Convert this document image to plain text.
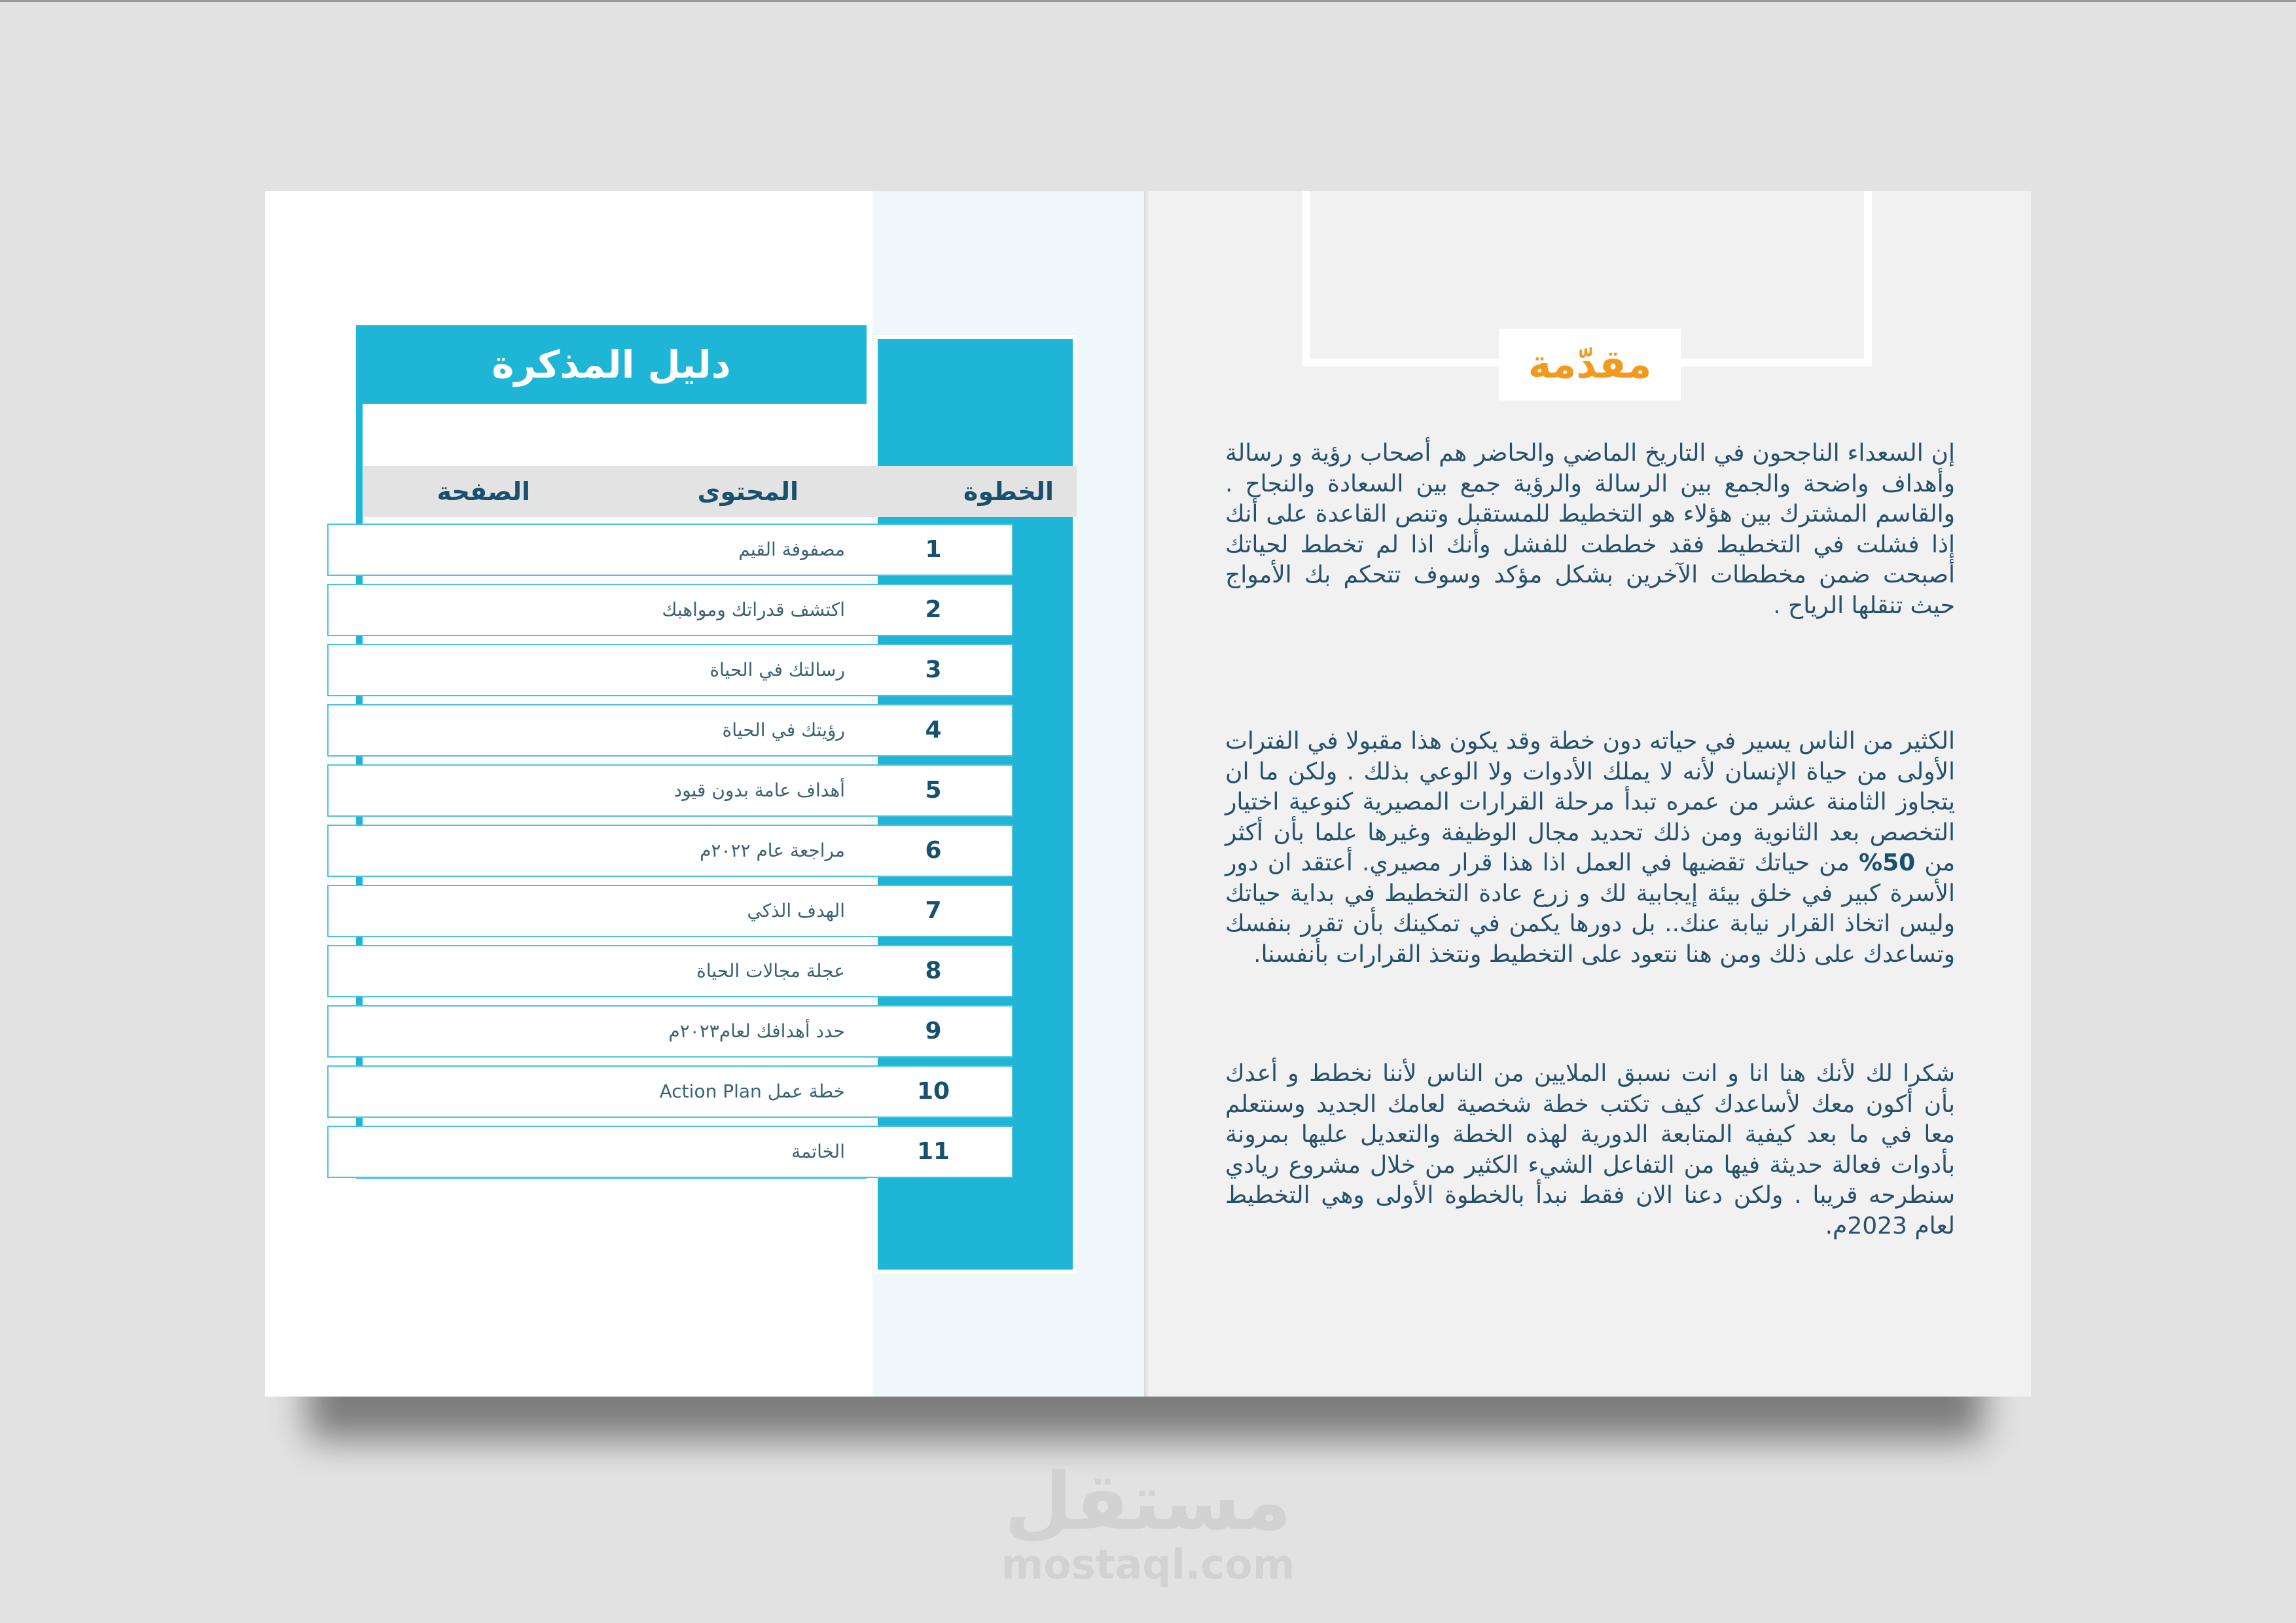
دليل المذكرة
الخطوة
المحتوى
الصفحة
1
مصفوفة القيم
2
اكتشف قدراتك ومواهبك
3
رسالتك في الحياة
4
رؤيتك في الحياة
5
أهداف عامة بدون قيود
6
مراجعة عام ٢٠٢٢م
7
الهدف الذكي
8
عجلة مجالات الحياة
9
حدد أهدافك لعام٢٠٢٣م
10
خطة عمل Action Plan
11
الخاتمة
مقدّمة

إن السعداء الناجحون في التاريخ الماضي والحاضر هم أصحاب رؤية و رسالة وأهداف واضحة والجمع بين الرسالة والرؤية جمع بين السعادة والنجاح . والقاسم المشترك بين هؤلاء هو التخطيط للمستقبل وتنص القاعدة على أنك إذا فشلت في التخطيط فقد خططت للفشل وأنك اذا لم تخطط لحياتك أصبحت ضمن مخططات الآخرين بشكل مؤكد وسوف تتحكم بك الأمواج حيث تنقلها الرياح .

الكثير من الناس يسير في حياته دون خطة وقد يكون هذا مقبولا في الفترات الأولى من حياة الإنسان لأنه لا يملك الأدوات ولا الوعي بذلك . ولكن ما ان يتجاوز الثامنة عشر من عمره تبدأ مرحلة القرارات المصيرية كنوعية اختيار التخصص بعد الثانوية ومن ذلك تحديد مجال الوظيفة وغيرها علما بأن أكثر من 50% من حياتك تقضيها في العمل اذا هذا قرار مصيري. أعتقد ان دور الأسرة كبير في خلق بيئة إيجابية لك و زرع عادة التخطيط في بداية حياتك وليس اتخاذ القرار نيابة عنك.. بل دورها يكمن في تمكينك بأن تقرر بنفسك وتساعدك على ذلك ومن هنا نتعود على التخطيط ونتخذ القرارات بأنفسنا.

شكرا لك لأنك هنا انا و انت نسبق الملايين من الناس لأننا نخطط و أعدك بأن أكون معك لأساعدك كيف تكتب خطة شخصية لعامك الجديد وسنتعلم معا في ما بعد كيفية المتابعة الدورية لهذه الخطة والتعديل عليها بمرونة بأدوات فعالة حديثة فيها من التفاعل الشيء الكثير من خلال مشروع ريادي سنطرحه قريبا . ولكن دعنا الان فقط نبدأ بالخطوة الأولى وهي التخطيط لعام 2023م.

مستقل
mostaql.com
